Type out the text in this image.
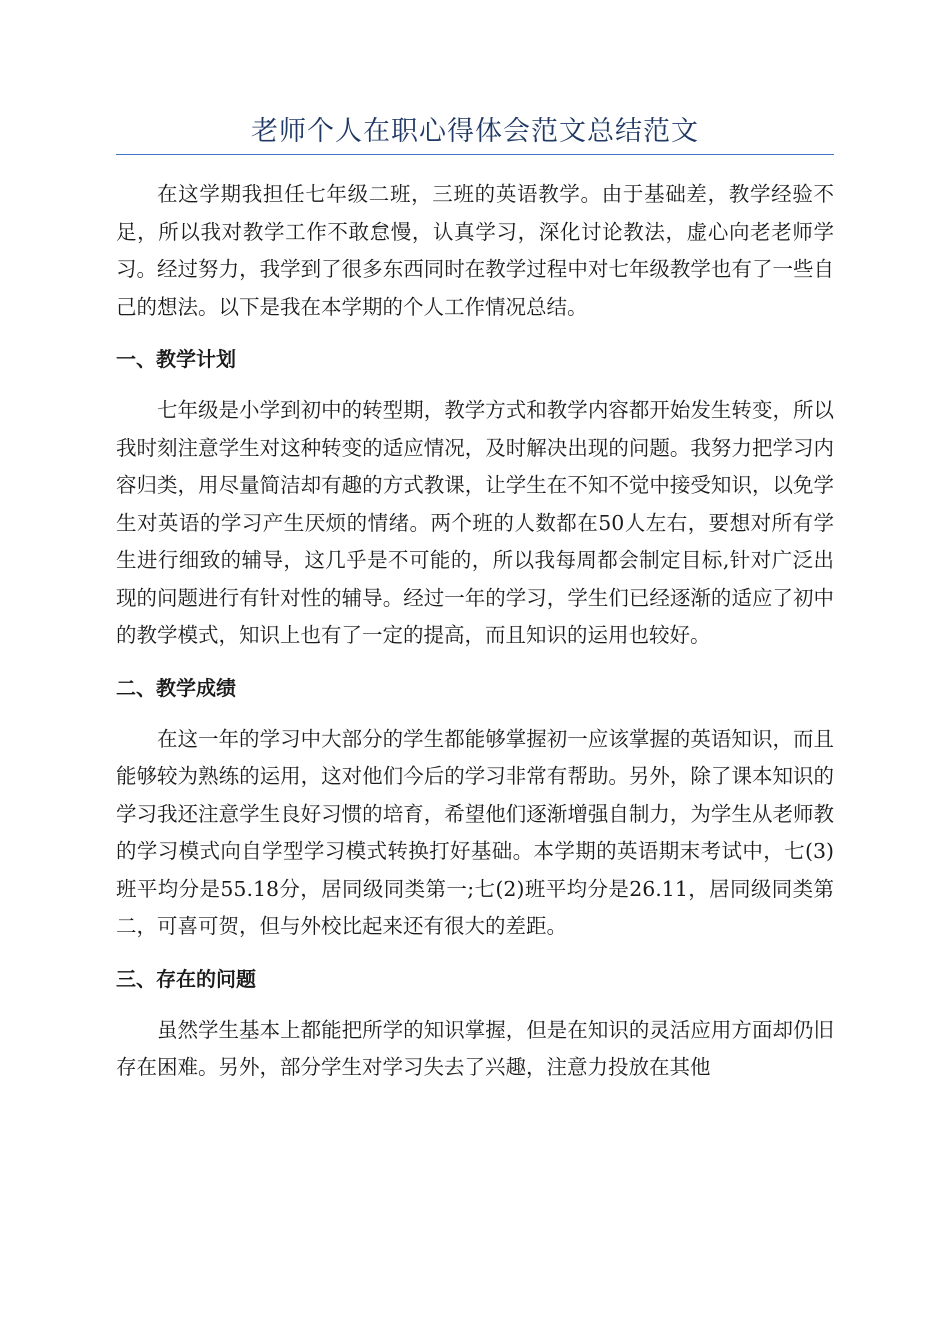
老师个人在职心得体会范文总结范文

在这学期我担任七年级二班，三班的英语教学。由于基础差，教学经验不足，所以我对教学工作不敢怠慢，认真学习，深化讨论教法，虚心向老老师学习。经过努力，我学到了很多东西同时在教学过程中对七年级教学也有了一些自己的想法。以下是我在本学期的个人工作情况总结。

一、教学计划

七年级是小学到初中的转型期，教学方式和教学内容都开始发生转变，所以我时刻注意学生对这种转变的适应情况，及时解决出现的问题。我努力把学习内容归类，用尽量简洁却有趣的方式教课，让学生在不知不觉中接受知识，以免学生对英语的学习产生厌烦的情绪。两个班的人数都在50人左右，要想对所有学生进行细致的辅导，这几乎是不可能的，所以我每周都会制定目标,针对广泛出现的问题进行有针对性的辅导。经过一年的学习，学生们已经逐渐的适应了初中的教学模式，知识上也有了一定的提高，而且知识的运用也较好。

二、教学成绩

在这一年的学习中大部分的学生都能够掌握初一应该掌握的英语知识，而且能够较为熟练的运用，这对他们今后的学习非常有帮助。另外，除了课本知识的学习我还注意学生良好习惯的培育，希望他们逐渐增强自制力，为学生从老师教的学习模式向自学型学习模式转换打好基础。本学期的英语期末考试中，七(3)班平均分是55.18分，居同级同类第一;七(2)班平均分是26.11，居同级同类第二，可喜可贺，但与外校比起来还有很大的差距。

三、存在的问题

虽然学生基本上都能把所学的知识掌握，但是在知识的灵活应用方面却仍旧存在困难。另外，部分学生对学习失去了兴趣，注意力投放在其他
